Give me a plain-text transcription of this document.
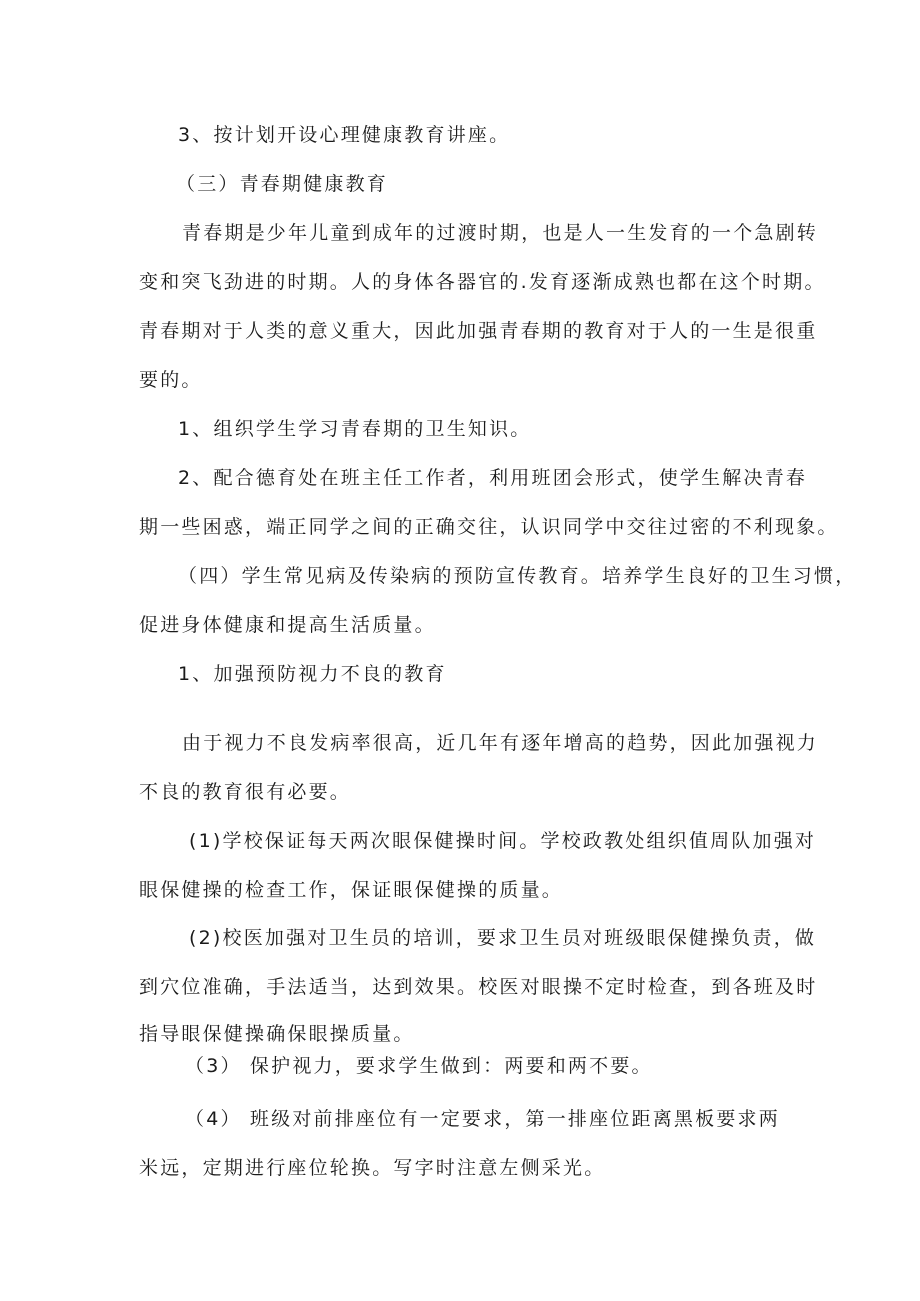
3、按计划开设心理健康教育讲座。
（三）青春期健康教育
青春期是少年儿童到成年的过渡时期，也是人一生发育的一个急剧转
变和突飞劲进的时期。人的身体各器官的.发育逐渐成熟也都在这个时期。
青春期对于人类的意义重大，因此加强青春期的教育对于人的一生是很重
要的。
1、组织学生学习青春期的卫生知识。
2、配合德育处在班主任工作者，利用班团会形式，使学生解决青春
期一些困惑，端正同学之间的正确交往，认识同学中交往过密的不利现象。
（四）学生常见病及传染病的预防宣传教育。培养学生良好的卫生习惯，
促进身体健康和提高生活质量。
1、加强预防视力不良的教育
由于视力不良发病率很高，近几年有逐年增高的趋势，因此加强视力
不良的教育很有必要。
(1)学校保证每天两次眼保健操时间。学校政教处组织值周队加强对
眼保健操的检查工作，保证眼保健操的质量。
(2)校医加强对卫生员的培训，要求卫生员对班级眼保健操负责，做
到穴位准确，手法适当，达到效果。校医对眼操不定时检查，到各班及时
指导眼保健操确保眼操质量。
（3） 保护视力，要求学生做到：两要和两不要。
（4） 班级对前排座位有一定要求，第一排座位距离黑板要求两
米远，定期进行座位轮换。写字时注意左侧采光。
